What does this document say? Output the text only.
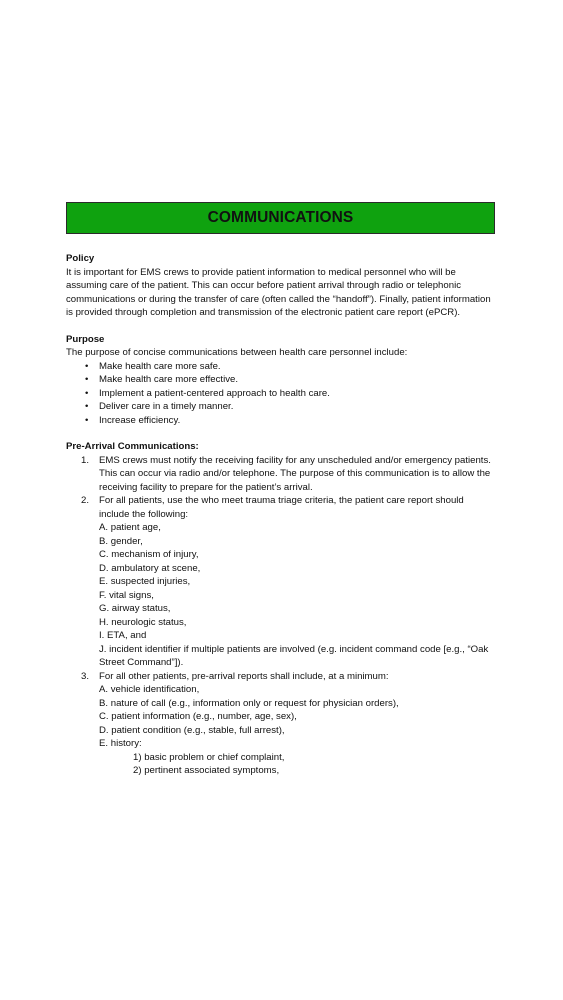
COMMUNICATIONS
Policy

It is important for EMS crews to provide patient information to medical personnel who will be assuming care of the patient. This can occur before patient arrival through radio or telephonic communications or during the transfer of care (often called the “handoff”). Finally, patient information is provided through completion and transmission of the electronic patient care report (ePCR).

Purpose

The purpose of concise communications between health care personnel include:

• Make health care more safe.
• Make health care more effective.
• Implement a patient-centered approach to health care.
• Deliver care in a timely manner.
• Increase efficiency.
Pre-Arrival Communications:
1. EMS crews must notify the receiving facility for any unscheduled and/or emergency patients. This can occur via radio and/or telephone. The purpose of this communication is to allow the receiving facility to prepare for the patient’s arrival.
2. For all patients, use the who meet trauma triage criteria, the patient care report should include the following:
A. patient age,
B. gender,
C. mechanism of injury,
D. ambulatory at scene,
E. suspected injuries,
F. vital signs,
G. airway status,
H. neurologic status,
I. ETA, and
J. incident identifier if multiple patients are involved (e.g. incident command code [e.g., “Oak Street Command”]).
3. For all other patients, pre-arrival reports shall include, at a minimum:
A. vehicle identification,
B. nature of call (e.g., information only or request for physician orders),
C. patient information (e.g., number, age, sex),
D. patient condition (e.g., stable, full arrest),
E. history:
1) basic problem or chief complaint,
2) pertinent associated symptoms,
